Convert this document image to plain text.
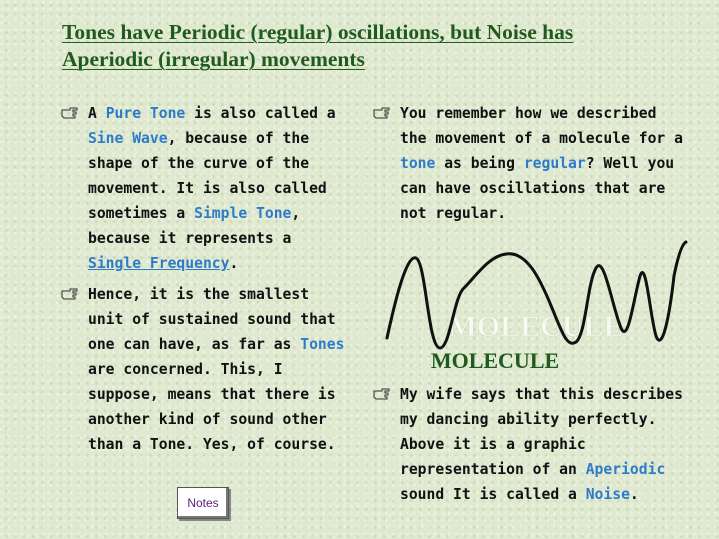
Tones have Periodic (regular) oscillations, but Noise has
Aperiodic (irregular) movements
A Pure Tone is also called a Sine Wave, because of the shape of the curve of the movement. It is also called sometimes a Simple Tone, because it represents a Single Frequency.
Hence, it is the smallest unit of sustained sound that one can have, as far as Tones are concerned. This, I suppose, means that there is another kind of sound other than a Tone. Yes, of course.
You remember how we described the movement of a molecule for a tone as being regular? Well you can have oscillations that are not regular.
MOLECULE
MOLECULE
My wife says that this describes my dancing ability perfectly. Above it is a graphic representation of an Aperiodic sound It is called a Noise.
Notes
